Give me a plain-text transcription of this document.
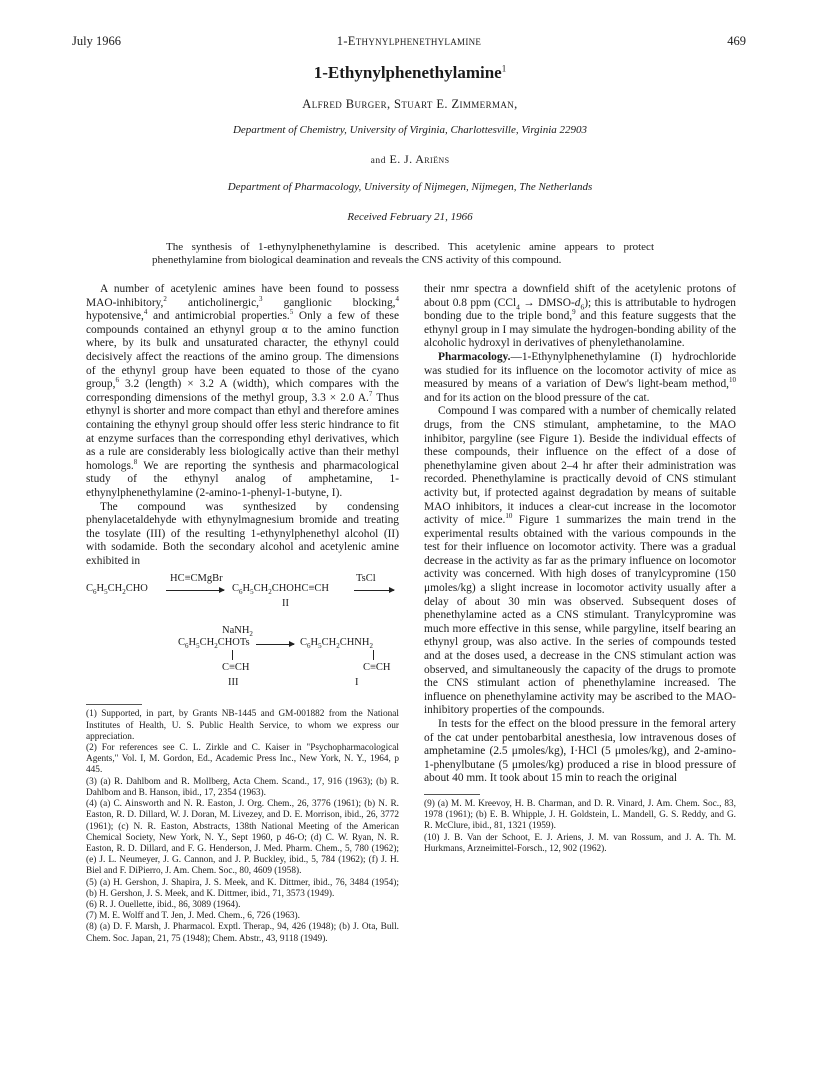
July 1966	1-Ethynylphenethylamine	469
1-Ethynylphenethylamine$^1$
Alfred Burger, Stuart E. Zimmerman,
Department of Chemistry, University of Virginia, Charlottesville, Virginia 22903
and E. J. Ariëns
Department of Pharmacology, University of Nijmegen, Nijmegen, The Netherlands
Received February 21, 1966
The synthesis of 1-ethynylphenethylamine is described. This acetylenic amine appears to protect phenethylamine from biological deamination and reveals the CNS activity of this compound.

A number of acetylenic amines have been found to possess MAO-inhibitory,$^2$ anticholinergic,$^3$ ganglionic blocking,$^4$ hypotensive,$^4$ and antimicrobial properties.$^5$ Only a few of these compounds contained an ethynyl group α to the amino function where, by its bulk and unsaturated character, the ethynyl could decisively affect the reactions of the amino group. The dimensions of the ethynyl group have been equated to those of the cyano group,$^6$ 3.2 (length) × 3.2 A (width), which compares with the corresponding dimensions of the methyl group, 3.3 × 2.0 A.$^7$ Thus ethynyl is shorter and more compact than ethyl and therefore amines containing the ethynyl group should offer less steric hindrance to fit at enzyme surfaces than the corresponding ethyl derivatives, which as a rule are considerably less biologically active than their methyl homologs.$^8$ We are reporting the synthesis and pharmacological study of the ethynyl analog of amphetamine, 1-ethynylphenethylamine (2-amino-1-phenyl-1-butyne, I).

The compound was synthesized by condensing phenylacetaldehyde with ethynylmagnesium bromide and treating the tosylate (III) of the resulting 1-ethynylphenethyl alcohol (II) with sodamide. Both the secondary alcohol and acetylenic amine exhibited in

$C_6H_5CH_2CHO$
HC≡CMgBr
$C_6H_5CH_2CHOHC\equiv CH$
TsCl
II
NaNH$_2$
$C_6H_5CH_2CHOTs$	$C_6H_5CH_2CHNH_2$
C≡CH	C≡CH
III	I
(1) Supported, in part, by Grants NB-1445 and GM-001882 from the National Institutes of Health, U. S. Public Health Service, to whom we express our appreciation.
(2) For references see C. L. Zirkle and C. Kaiser in "Psychopharmacological Agents," Vol. I, M. Gordon, Ed., Academic Press Inc., New York, N. Y., 1964, p 445.
(3) (a) R. Dahlbom and R. Mollberg, Acta Chem. Scand., 17, 916 (1963); (b) R. Dahlbom and B. Hanson, ibid., 17, 2354 (1963).
(4) (a) C. Ainsworth and N. R. Easton, J. Org. Chem., 26, 3776 (1961); (b) N. R. Easton, R. D. Dillard, W. J. Doran, M. Livezey, and D. E. Morrison, ibid., 26, 3772 (1961); (c) N. R. Easton, Abstracts, 138th National Meeting of the American Chemical Society, New York, N. Y., Sept 1960, p 46-O; (d) C. W. Ryan, N. R. Easton, R. D. Dillard, and F. G. Henderson, J. Med. Pharm. Chem., 5, 780 (1962); (e) J. L. Neumeyer, J. G. Cannon, and J. P. Buckley, ibid., 5, 784 (1962); (f) J. H. Biel and F. DiPierro, J. Am. Chem. Soc., 80, 4609 (1958).
(5) (a) H. Gershon, J. Shapira, J. S. Meek, and K. Dittmer, ibid., 76, 3484 (1954); (b) H. Gershon, J. S. Meek, and K. Dittmer, ibid., 71, 3573 (1949).
(6) R. J. Ouellette, ibid., 86, 3089 (1964).
(7) M. E. Wolff and T. Jen, J. Med. Chem., 6, 726 (1963).
(8) (a) D. F. Marsh, J. Pharmacol. Exptl. Therap., 94, 426 (1948); (b) J. Ota, Bull. Chem. Soc. Japan, 21, 75 (1948); Chem. Abstr., 43, 9118 (1949).

their nmr spectra a downfield shift of the acetylenic protons of about 0.8 ppm (CCl$_4$ → DMSO-$d_6$); this is attributable to hydrogen bonding due to the triple bond,$^9$ and this feature suggests that the ethynyl group in I may simulate the hydrogen-bonding ability of the alcoholic hydroxyl in derivatives of phenylethanolamine.

Pharmacology.—1-Ethynylphenethylamine (I) hydrochloride was studied for its influence on the locomotor activity of mice as measured by means of a variation of Dew's light-beam method,$^{10}$ and for its action on the blood pressure of the cat.

Compound I was compared with a number of chemically related drugs, from the CNS stimulant, amphetamine, to the MAO inhibitor, pargyline (see Figure 1). Beside the individual effects of these compounds, their influence on the effect of a dose of phenethylamine given about 2–4 hr after their administration was recorded. Phenethylamine is practically devoid of CNS stimulant activity but, if protected against degradation by means of suitable MAO inhibitors, it induces a clear-cut increase in the locomotor activity of mice.$^{10}$ Figure 1 summarizes the main trend in the experimental results obtained with the various compounds in the test for their influence on locomotor activity. There was a gradual decrease in the activity as far as the primary influence on locomotor activity was concerned. With high doses of tranylcypromine (150 μmoles/kg) a slight increase in locomotor activity usually after a delay of about 30 min was observed. Subsequent doses of phenethylamine acted as a CNS stimulant. Tranylcypromine was much more effective in this sense, while pargyline, itself bearing an ethynyl group, was also active. In the series of compounds tested and at the doses used, a decrease in the CNS stimulant action was observed, and simultaneously the capacity of the drugs to promote the CNS stimulant action of phenethylamine increased. The influence on phenethylamine activity may be ascribed to the MAO-inhibitory properties of the compounds.

In tests for the effect on the blood pressure in the femoral artery of the cat under pentobarbital anesthesia, low intravenous doses of amphetamine (2.5 μmoles/kg), I·HCl (5 μmoles/kg), and 2-amino-1-phenylbutane (5 μmoles/kg) produced a rise in blood pressure of about 40 mm. It took about 15 min to reach the original

(9) (a) M. M. Kreevoy, H. B. Charman, and D. R. Vinard, J. Am. Chem. Soc., 83, 1978 (1961); (b) E. B. Whipple, J. H. Goldstein, L. Mandell, G. S. Reddy, and G. R. McClure, ibid., 81, 1321 (1959).
(10) J. B. Van der Schoot, E. J. Ariens, J. M. van Rossum, and J. A. Th. M. Hurkmans, Arzneimittel-Forsch., 12, 902 (1962).
